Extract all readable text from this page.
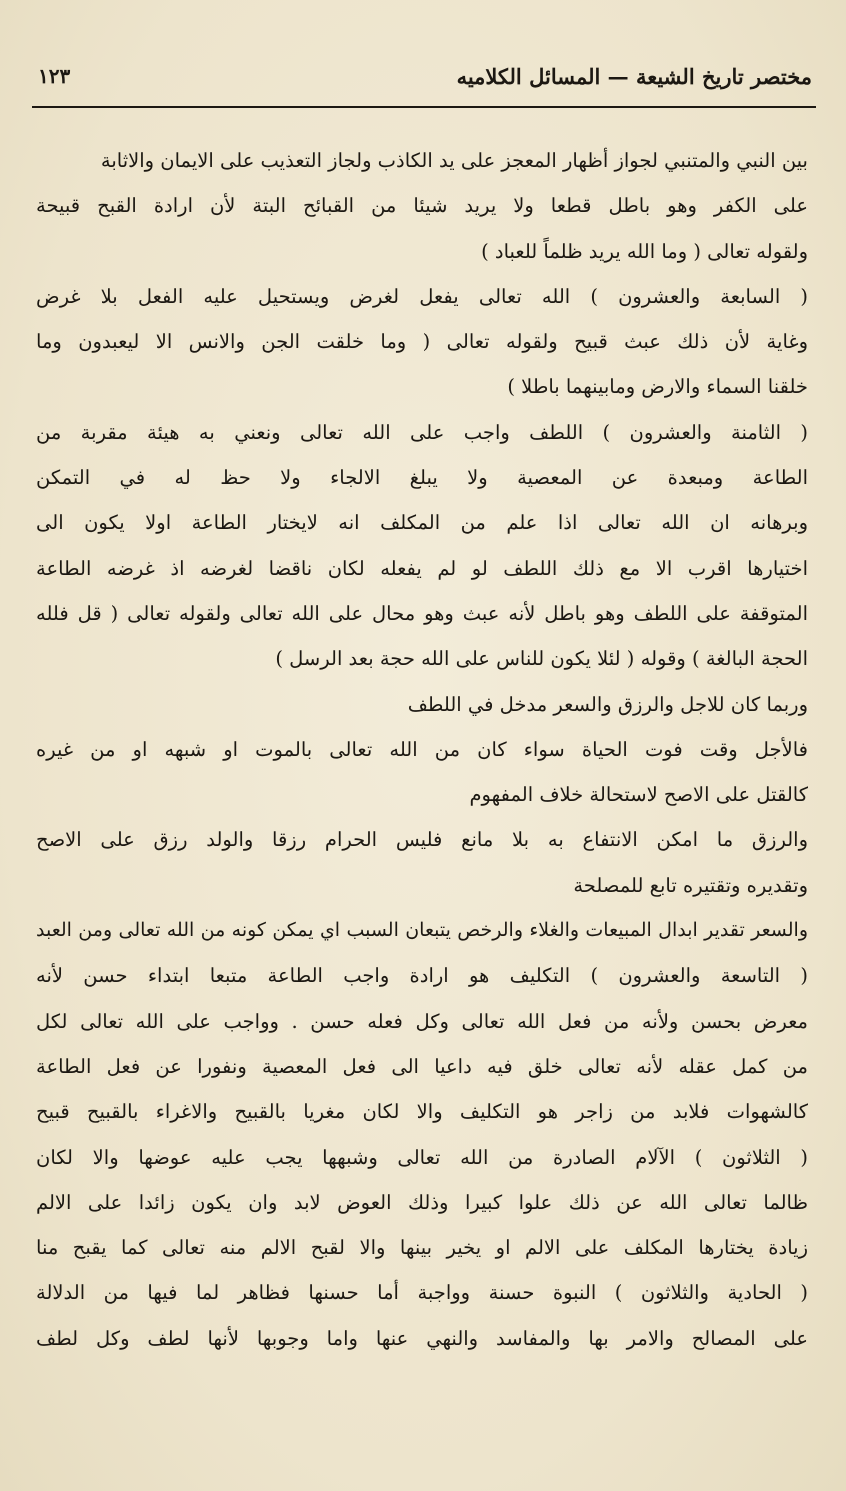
مختصر تاريخ الشيعة — المسائل الكلاميه
١٢٣
بين النبي والمتنبي لجواز أظهار المعجز على يد الكاذب ولجاز التعذيب على الايمان والاثابة
على الكفر وهو باطل قطعا ولا يريد شيئا من القبائح البتة لأن ارادة القبح قبيحة
ولقوله تعالى ( وما الله يريد ظلماً للعباد )
( السابعة والعشرون ) الله تعالى يفعل لغرض ويستحيل عليه الفعل بلا غرض
وغاية لأن ذلك عبث قبيح ولقوله تعالى ( وما خلقت الجن والانس الا ليعبدون وما
خلقنا السماء والارض ومابينهما باطلا )
( الثامنة والعشرون ) اللطف واجب على الله تعالى ونعني به هيئة مقربة من
الطاعة ومبعدة عن المعصية ولا يبلغ الالجاء ولا حظ له في التمكن
وبرهانه ان الله تعالى اذا علم من المكلف انه لايختار الطاعة اولا يكون الى
اختيارها اقرب الا مع ذلك اللطف لو لم يفعله لكان ناقضا لغرضه اذ غرضه الطاعة
المتوقفة على اللطف وهو باطل لأنه عبث وهو محال على الله تعالى ولقوله تعالى ( قل فلله
الحجة البالغة ) وقوله ( لئلا يكون للناس على الله حجة بعد الرسل )
وربما كان للاجل والرزق والسعر مدخل في اللطف
فالأجل وقت فوت الحياة سواء كان من الله تعالى بالموت او شبهه او من غيره
كالقتل على الاصح لاستحالة خلاف المفهوم
والرزق ما امكن الانتفاع به بلا مانع فليس الحرام رزقا والولد رزق على الاصح
وتقديره وتقتيره تابع للمصلحة
والسعر تقدير ابدال المبيعات والغلاء والرخص يتبعان السبب اي يمكن كونه من الله تعالى ومن العبد
( التاسعة والعشرون ) التكليف هو ارادة واجب الطاعة متبعا ابتداء حسن لأنه
معرض بحسن ولأنه من فعل الله تعالى وكل فعله حسن . وواجب على الله تعالى لكل
من كمل عقله لأنه تعالى خلق فيه داعيا الى فعل المعصية ونفورا عن فعل الطاعة
كالشهوات فلابد من زاجر هو التكليف والا لكان مغريا بالقبيح والاغراء بالقبيح قبيح
( الثلاثون ) الآلام الصادرة من الله تعالى وشبهها يجب عليه عوضها والا لكان
ظالما تعالى الله عن ذلك علوا كبيرا وذلك العوض لابد وان يكون زائدا على الالم
زيادة يختارها المكلف على الالم او يخير بينها والا لقبح الالم منه تعالى كما يقبح منا
( الحادية والثلاثون ) النبوة حسنة وواجبة أما حسنها فظاهر لما فيها من الدلالة
على المصالح والامر بها والمفاسد والنهي عنها واما وجوبها لأنها لطف وكل لطف
